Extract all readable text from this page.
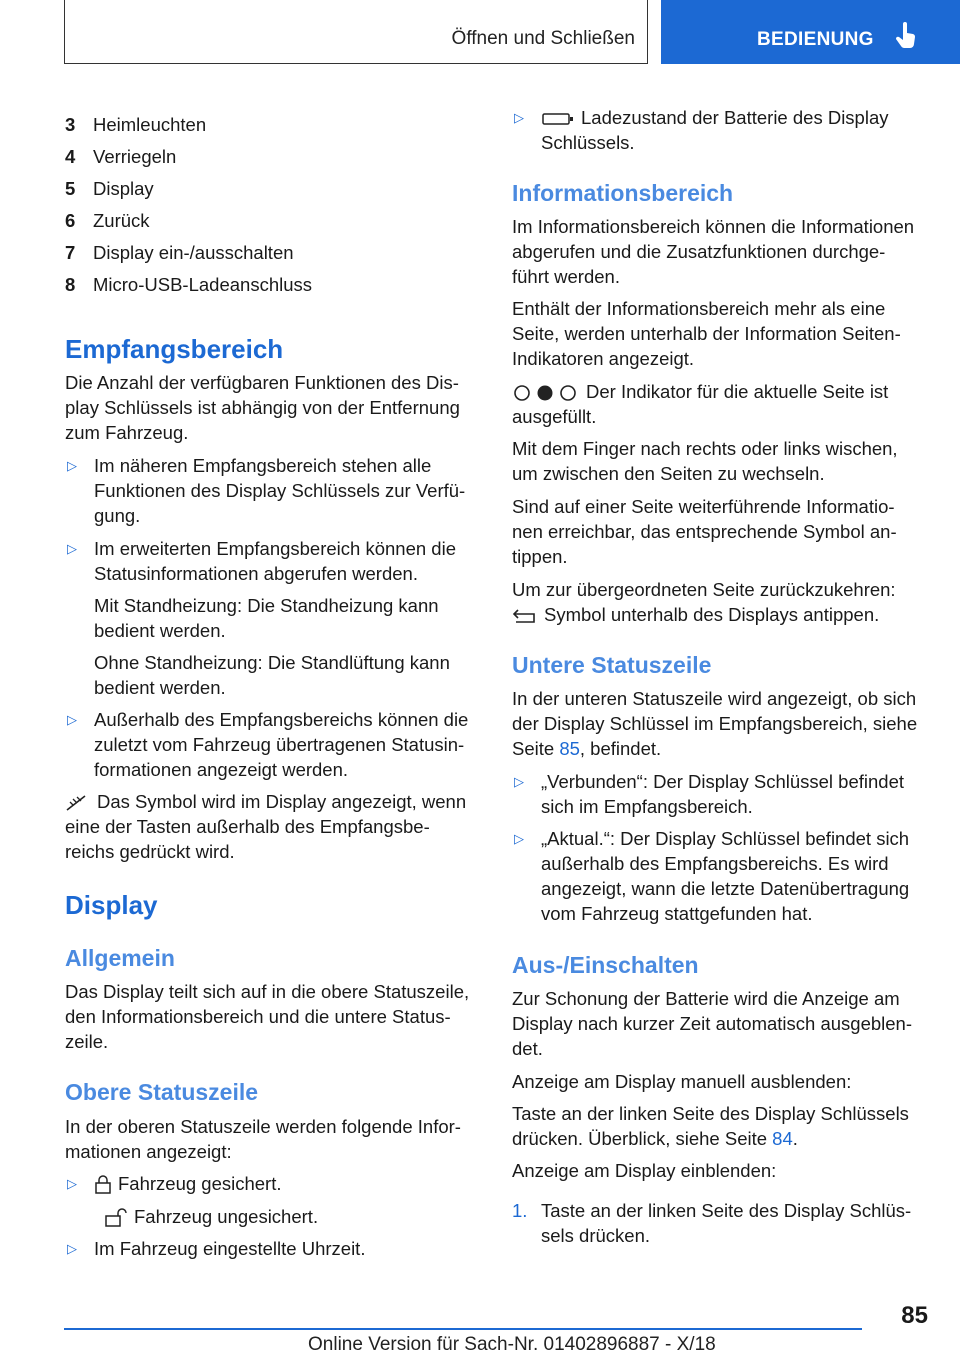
Öffnen und Schließen	BEDIENUNG
3 Heimleuchten
4 Verriegeln
5 Display
6 Zurück
7 Display ein-/ausschalten
8 Micro-USB-Ladeanschluss
Empfangsbereich
Die Anzahl der verfügbaren Funktionen des Dis-
play Schlüssels ist abhängig von der Entfernung
zum Fahrzeug.
▷ Im näheren Empfangsbereich stehen alle
Funktionen des Display Schlüssels zur Verfü-
gung.
▷ Im erweiterten Empfangsbereich können die
Statusinformationen abgerufen werden.
Mit Standheizung: Die Standheizung kann
bedient werden.
Ohne Standheizung: Die Standlüftung kann
bedient werden.
▷ Außerhalb des Empfangsbereichs können die
zuletzt vom Fahrzeug übertragenen Statusin-
formationen angezeigt werden.
Das Symbol wird im Display angezeigt, wenn
eine der Tasten außerhalb des Empfangsbe-
reichs gedrückt wird.
Display
Allgemein
Das Display teilt sich auf in die obere Statuszeile,
den Informationsbereich und die untere Status-
zeile.
Obere Statuszeile
In der oberen Statuszeile werden folgende Infor-
mationen angezeigt:
▷ Fahrzeug gesichert.
Fahrzeug ungesichert.
▷ Im Fahrzeug eingestellte Uhrzeit.
▷ Ladezustand der Batterie des Display
Schlüssels.
Informationsbereich
Im Informationsbereich können die Informationen
abgerufen und die Zusatzfunktionen durchge-
führt werden.
Enthält der Informationsbereich mehr als eine
Seite, werden unterhalb der Information Seiten-
Indikatoren angezeigt.
Der Indikator für die aktuelle Seite ist
ausgefüllt.
Mit dem Finger nach rechts oder links wischen,
um zwischen den Seiten zu wechseln.
Sind auf einer Seite weiterführende Informatio-
nen erreichbar, das entsprechende Symbol an-
tippen.
Um zur übergeordneten Seite zurückzukehren:
Symbol unterhalb des Displays antippen.
Untere Statuszeile
In der unteren Statuszeile wird angezeigt, ob sich
der Display Schlüssel im Empfangsbereich, siehe
Seite 85, befindet.
▷ „Verbunden“: Der Display Schlüssel befindet
sich im Empfangsbereich.
▷ „Aktual.“: Der Display Schlüssel befindet sich
außerhalb des Empfangsbereichs. Es wird
angezeigt, wann die letzte Datenübertragung
vom Fahrzeug stattgefunden hat.
Aus-/Einschalten
Zur Schonung der Batterie wird die Anzeige am
Display nach kurzer Zeit automatisch ausgeblen-
det.
Anzeige am Display manuell ausblenden:
Taste an der linken Seite des Display Schlüssels
drücken. Überblick, siehe Seite 84.
Anzeige am Display einblenden:
1. Taste an der linken Seite des Display Schlüs-
sels drücken.
85
Online Version für Sach-Nr. 01402896887 - X/18
